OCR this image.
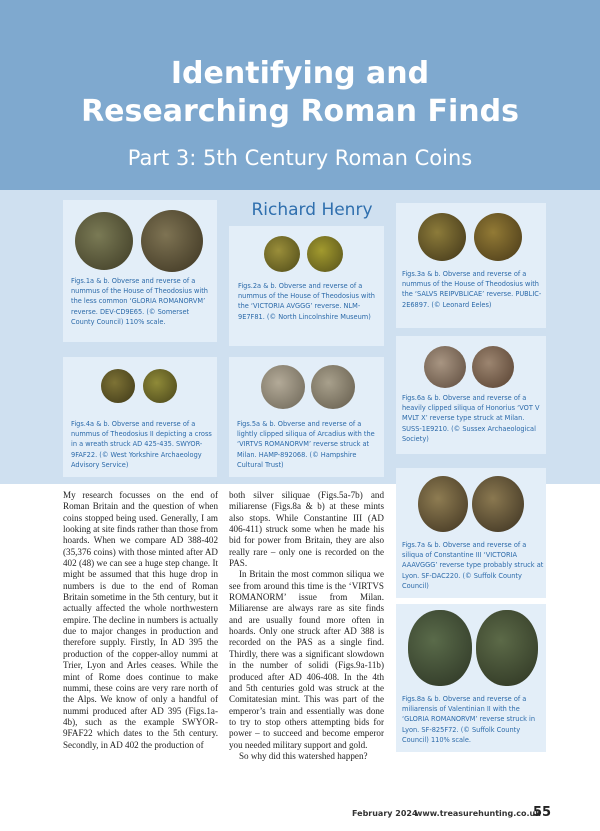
Identifying and
Researching Roman Finds
Part 3: 5th Century Roman Coins
Richard Henry
Figs.1a & b. Obverse and reverse of a nummus of the House of Theodosius with the less common ‘GLORIA ROMANORVM’ reverse. DEV-CD9E65. (© Somerset County Council) 110% scale.
Figs.2a & b. Obverse and reverse of a nummus of the House of Theodosius with the ‘VICTORIA AVGGG’ reverse. NLM-9E7F81. (© North Lincolnshire Museum)
Figs.3a & b. Obverse and reverse of a nummus of the House of Theodosius with the ‘SALVS REIPVBLICAE’ reverse. PUBLIC-2E6897. (© Leonard Eeles)
Figs.4a & b. Obverse and reverse of a nummus of Theodosius II depicting a cross in a wreath struck AD 425-435. SWYOR-9FAF22. (© West Yorkshire Archaeology Advisory Service)
Figs.5a & b. Obverse and reverse of a lightly clipped siliqua of Arcadius with the ‘VIRTVS ROMANORVM’ reverse struck at Milan. HAMP-892068. (© Hampshire Cultural Trust)
Figs.6a & b. Obverse and reverse of a heavily clipped siliqua of Honorius ‘VOT V MVLT X’ reverse type struck at Milan. SUSS-1E9210. (© Sussex Archaeological Society)
Figs.7a & b. Obverse and reverse of a siliqua of Constantine III ‘VICTORIA AAAVGGG’ reverse type probably struck at Lyon. SF-DAC220. (© Suffolk County Council)
Figs.8a & b. Obverse and reverse of a miliarensis of Valentinian II with the ‘GLORIA ROMANORVM’ reverse struck in Lyon. SF-825F72. (© Suffolk County Council) 110% scale.

My research focusses on the end of Roman Britain and the question of when coins stopped being used. Generally, I am looking at site finds rather than those from hoards. When we compare AD 388-402 (35,376 coins) with those minted after AD 402 (48) we can see a huge step change. It might be assumed that this huge drop in numbers is due to the end of Roman Britain sometime in the 5th century, but it actually affected the whole northwestern empire. The decline in numbers is actually due to major changes in production and therefore supply. Firstly, In AD 395 the production of the copper-alloy nummi at Trier, Lyon and Arles ceases. While the mint of Rome does continue to make nummi, these coins are very rare north of the Alps. We know of only a handful of nummi produced after AD 395 (Figs.1a-4b), such as the example SWYOR-9FAF22 which dates to the 5th century. Secondly, in AD 402 the production of

both silver siliquae (Figs.5a-7b) and miliarense (Figs.8a & b) at these mints also stops. While Constantine III (AD 406-411) struck some when he made his bid for power from Britain, they are also really rare – only one is recorded on the PAS.

In Britain the most common siliqua we see from around this time is the ‘VIRTVS ROMANORM’ issue from Milan. Miliarense are always rare as site finds and are usually found more often in hoards. Only one struck after AD 388 is recorded on the PAS as a single find. Thirdly, there was a significant slowdown in the number of solidi (Figs.9a-11b) produced after AD 406-408. In the 4th and 5th centuries gold was struck at the Comitatesian mint. This was part of the emperor’s train and essentially was done to try to stop others attempting bids for power – to succeed and become emperor you needed military support and gold.

So why did this watershed happen?

February 2024
www.treasurehunting.co.uk
55
